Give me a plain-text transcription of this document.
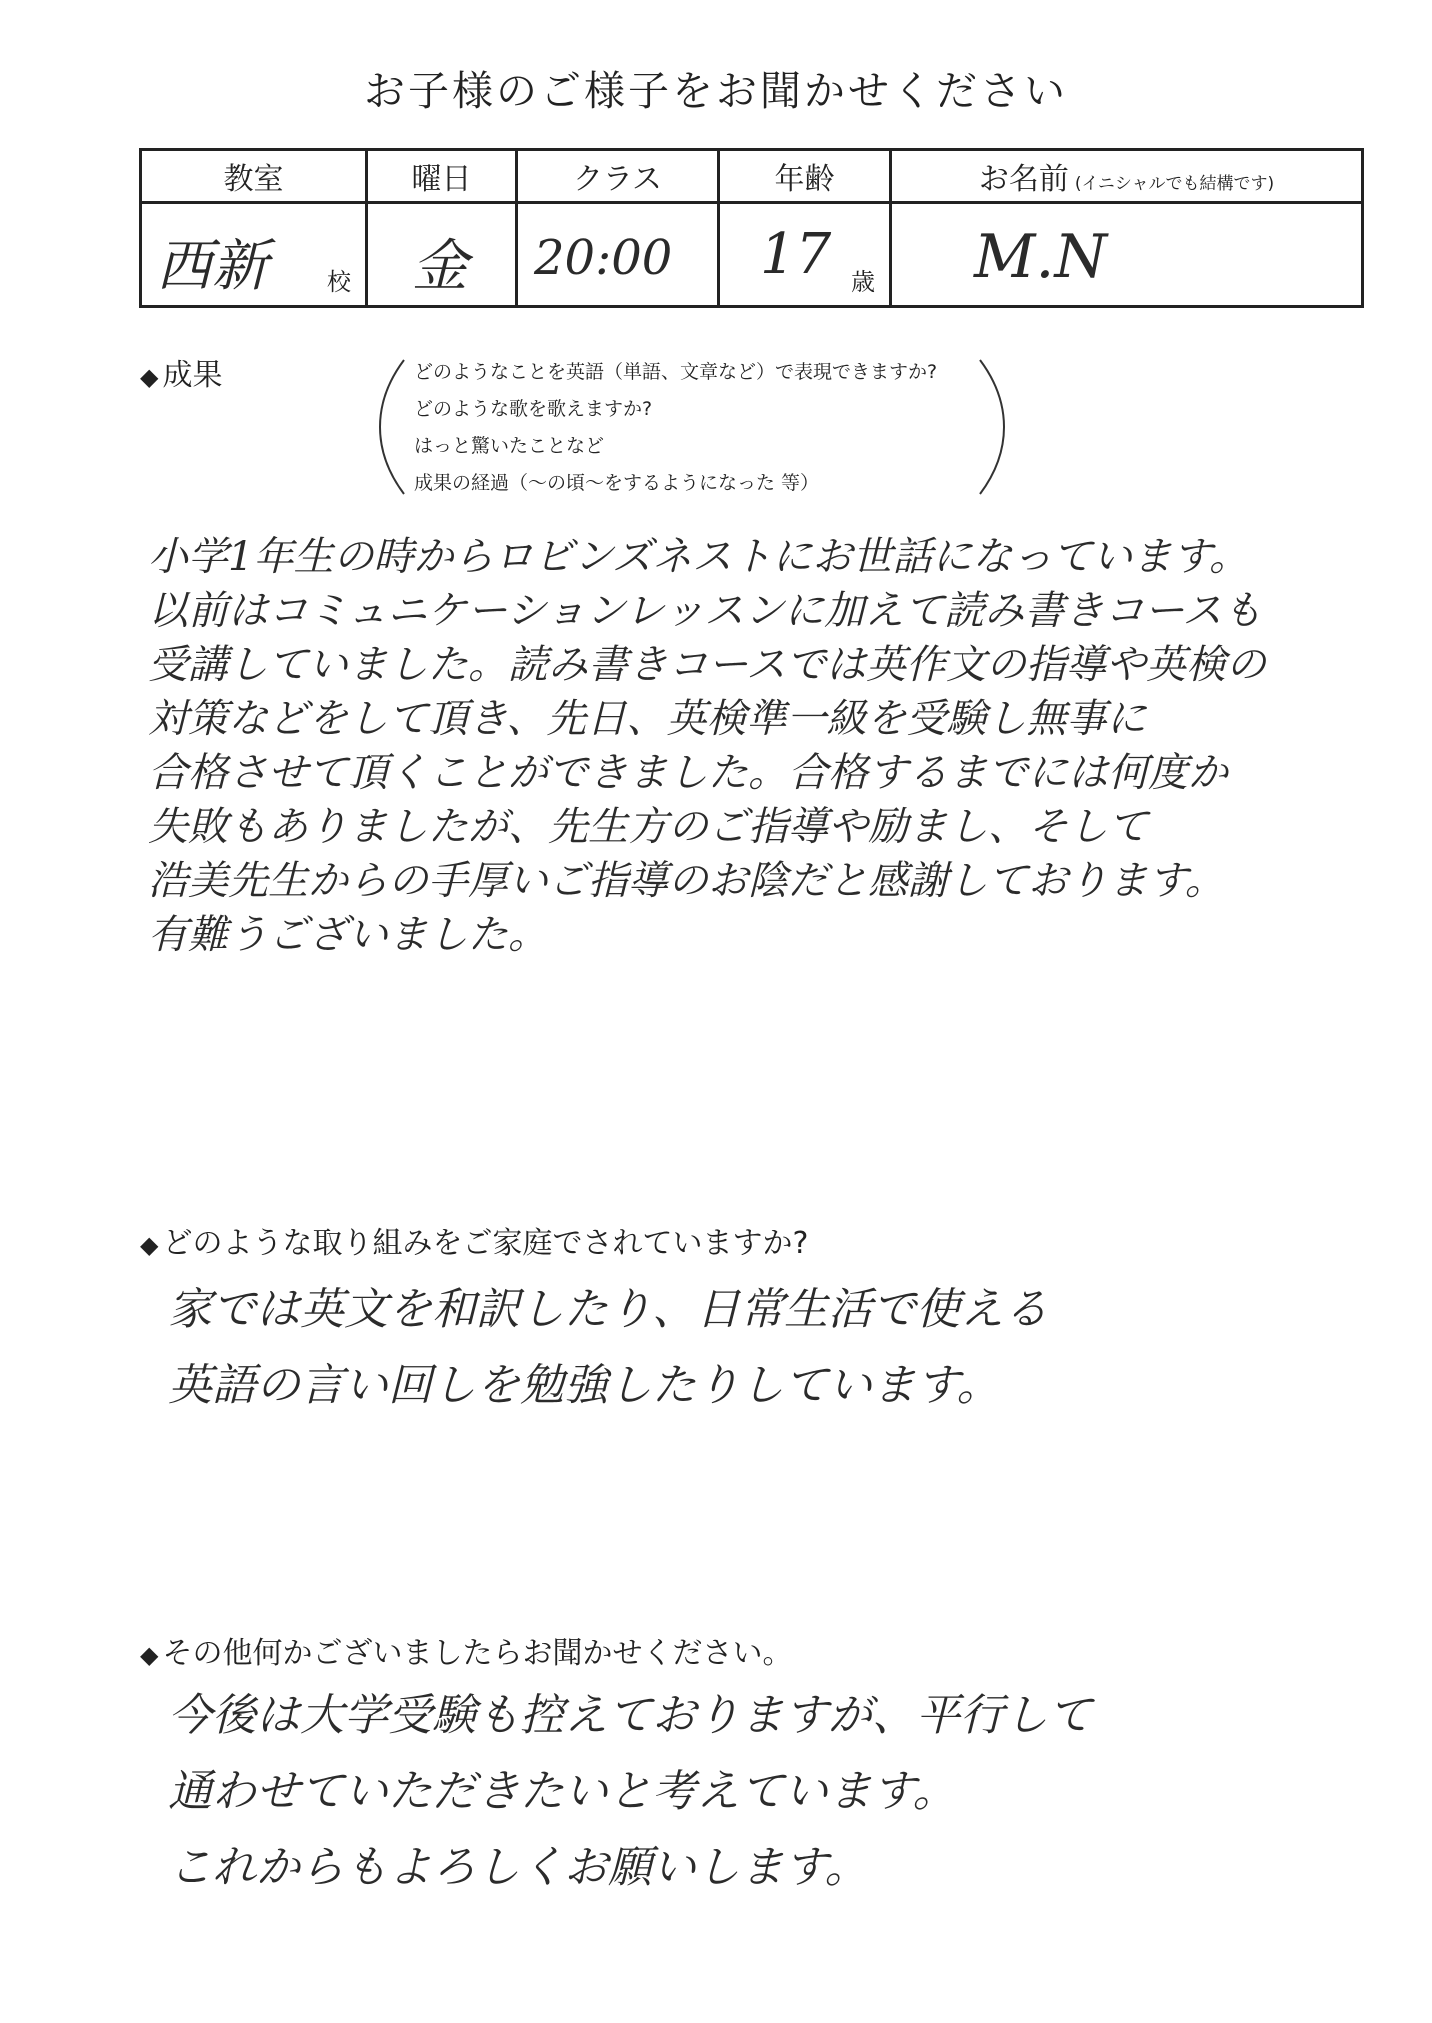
お子様のご様子をお聞かせください
教室	曜日	クラス	年齢	お名前 (イニシャルでも結構です)

西新 校	金	20:00	17 歳	M.N
◆ 成果	どのようなことを英語（単語、文章など）で表現できますか?
どのような歌を歌えますか?
はっと驚いたことなど
成果の経過（～の頃～をするようになった 等）
小学1年生の時からロビンズネストにお世話になっています。
以前はコミュニケーションレッスンに加えて読み書きコースも
受講していました。読み書きコースでは英作文の指導や英検の
対策などをして頂き、先日、英検準一級を受験し無事に
合格させて頂くことができました。合格するまでには何度か
失敗もありましたが、先生方のご指導や励まし、そして
浩美先生からの手厚いご指導のお陰だと感謝しております。
有難うございました。
◆ どのような取り組みをご家庭でされていますか?
家では英文を和訳したり、日常生活で使える
英語の言い回しを勉強したりしています。
◆ その他何かございましたらお聞かせください。
今後は大学受験も控えておりますが、平行して
通わせていただきたいと考えています。
これからもよろしくお願いします。
